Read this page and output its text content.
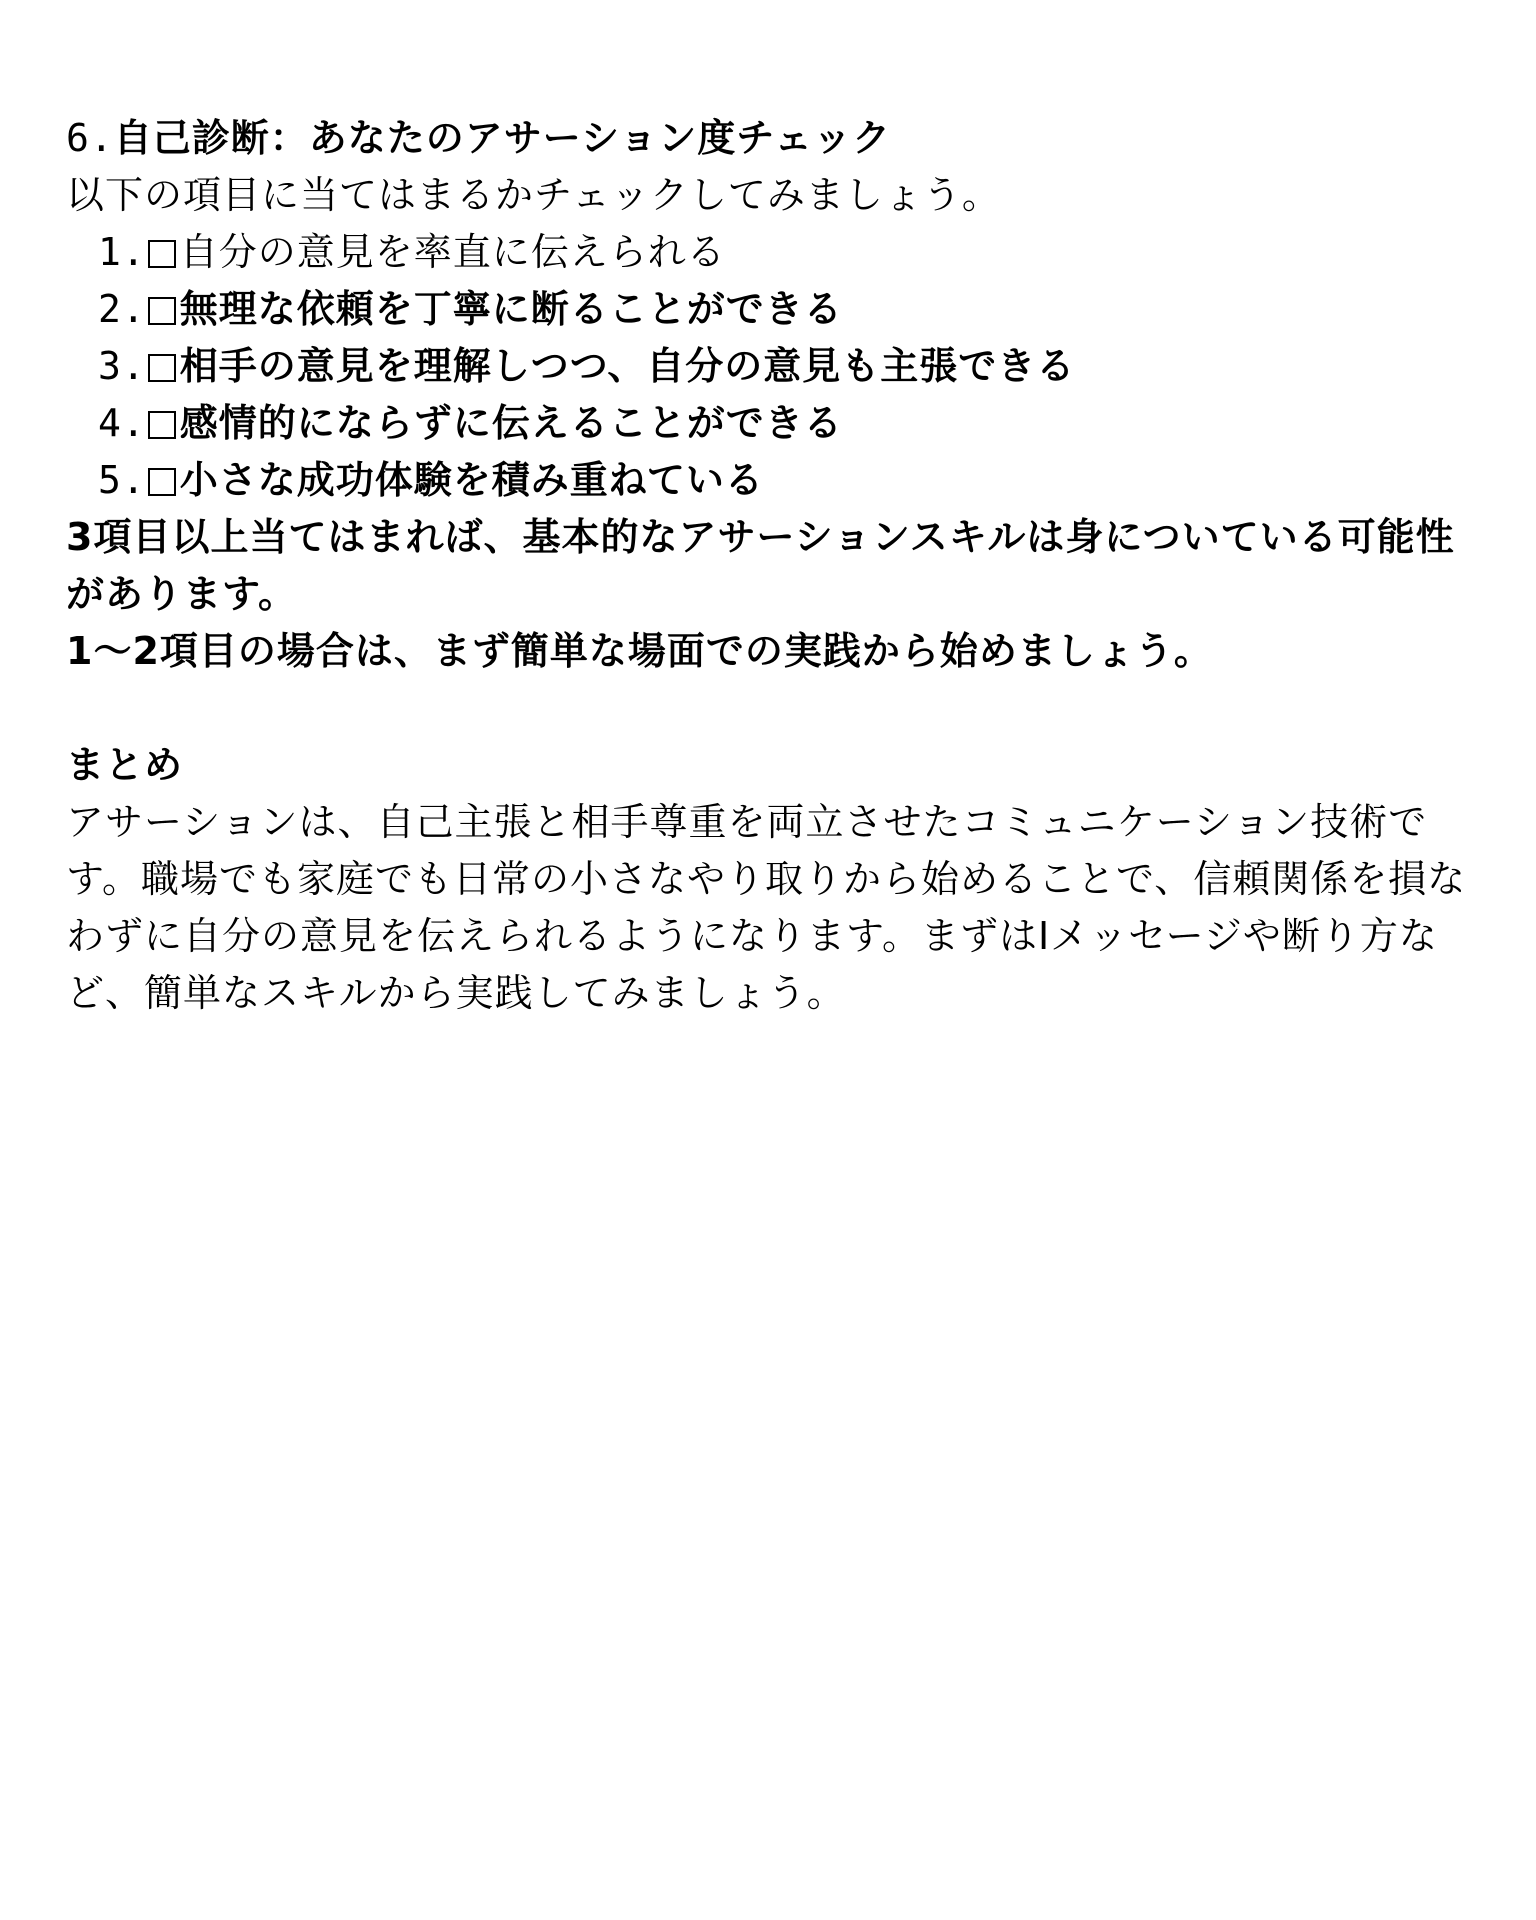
6.自己診断：あなたのアサーション度チェック
以下の項目に当てはまるかチェックしてみましょう。
1. 自分の意見を率直に伝えられる
2. 無理な依頼を丁寧に断ることができる
3. 相手の意見を理解しつつ、自分の意見も主張できる
4. 感情的にならずに伝えることができる
5. 小さな成功体験を積み重ねている
3項目以上当てはまれば、基本的なアサーションスキルは身についている可能性があります。
1〜2項目の場合は、まず簡単な場面での実践から始めましょう。
まとめ
アサーションは、自己主張と相手尊重を両立させたコミュニケーション技術です。職場でも家庭でも日常の小さなやり取りから始めることで、信頼関係を損なわずに自分の意見を伝えられるようになります。まずはIメッセージや断り方など、簡単なスキルから実践してみましょう。
